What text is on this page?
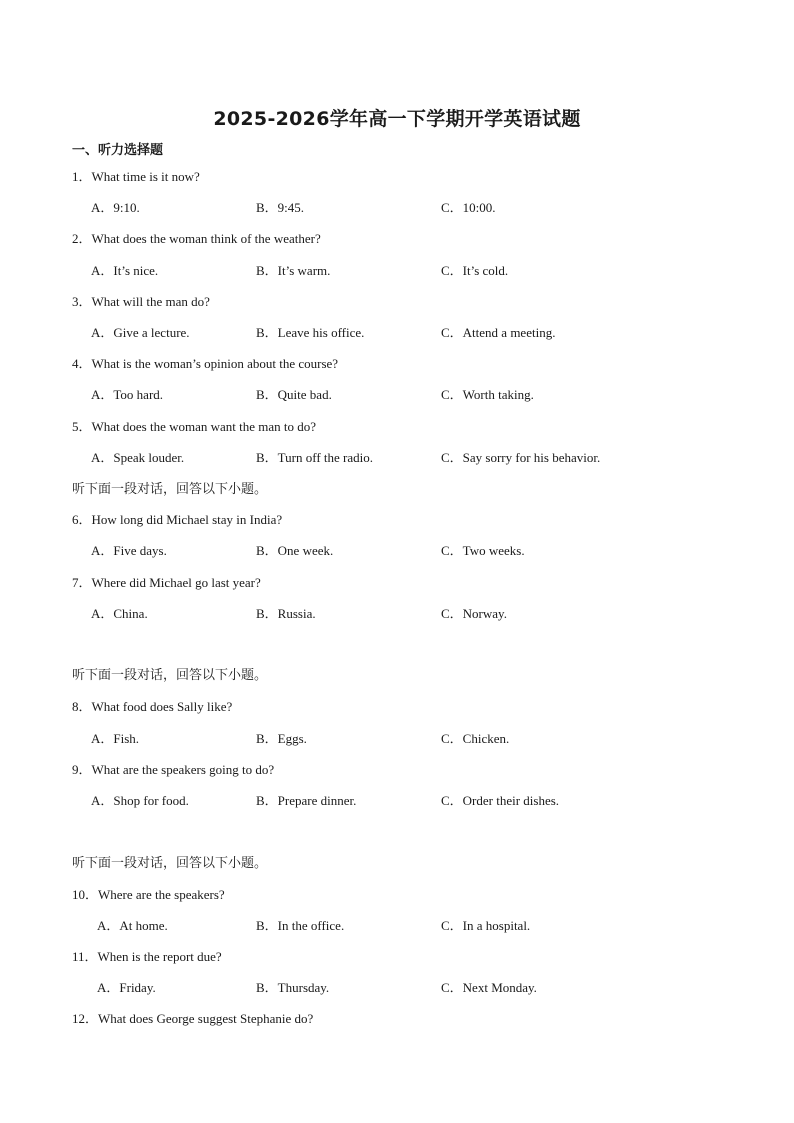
2025-2026学年高一下学期开学英语试题
一、听力选择题
1．What time is it now?
A．9:10.	B．9:45.	C．10:00.
2．What does the woman think of the weather?
A．It’s nice.	B．It’s warm.	C．It’s cold.
3．What will the man do?
A．Give a lecture.	B．Leave his office.	C．Attend a meeting.
4．What is the woman’s opinion about the course?
A．Too hard.	B．Quite bad.	C．Worth taking.
5．What does the woman want the man to do?
A．Speak louder.	B．Turn off the radio.	C．Say sorry for his behavior.
听下面一段对话，回答以下小题。
6．How long did Michael stay in India?
A．Five days.	B．One week.	C．Two weeks.
7．Where did Michael go last year?
A．China.	B．Russia.	C．Norway.
听下面一段对话，回答以下小题。
8．What food does Sally like?
A．Fish.	B．Eggs.	C．Chicken.
9．What are the speakers going to do?
A．Shop for food.	B．Prepare dinner.	C．Order their dishes.
听下面一段对话，回答以下小题。
10．Where are the speakers?
A．At home.	B．In the office.	C．In a hospital.
11．When is the report due?
A．Friday.	B．Thursday.	C．Next Monday.
12．What does George suggest Stephanie do?
